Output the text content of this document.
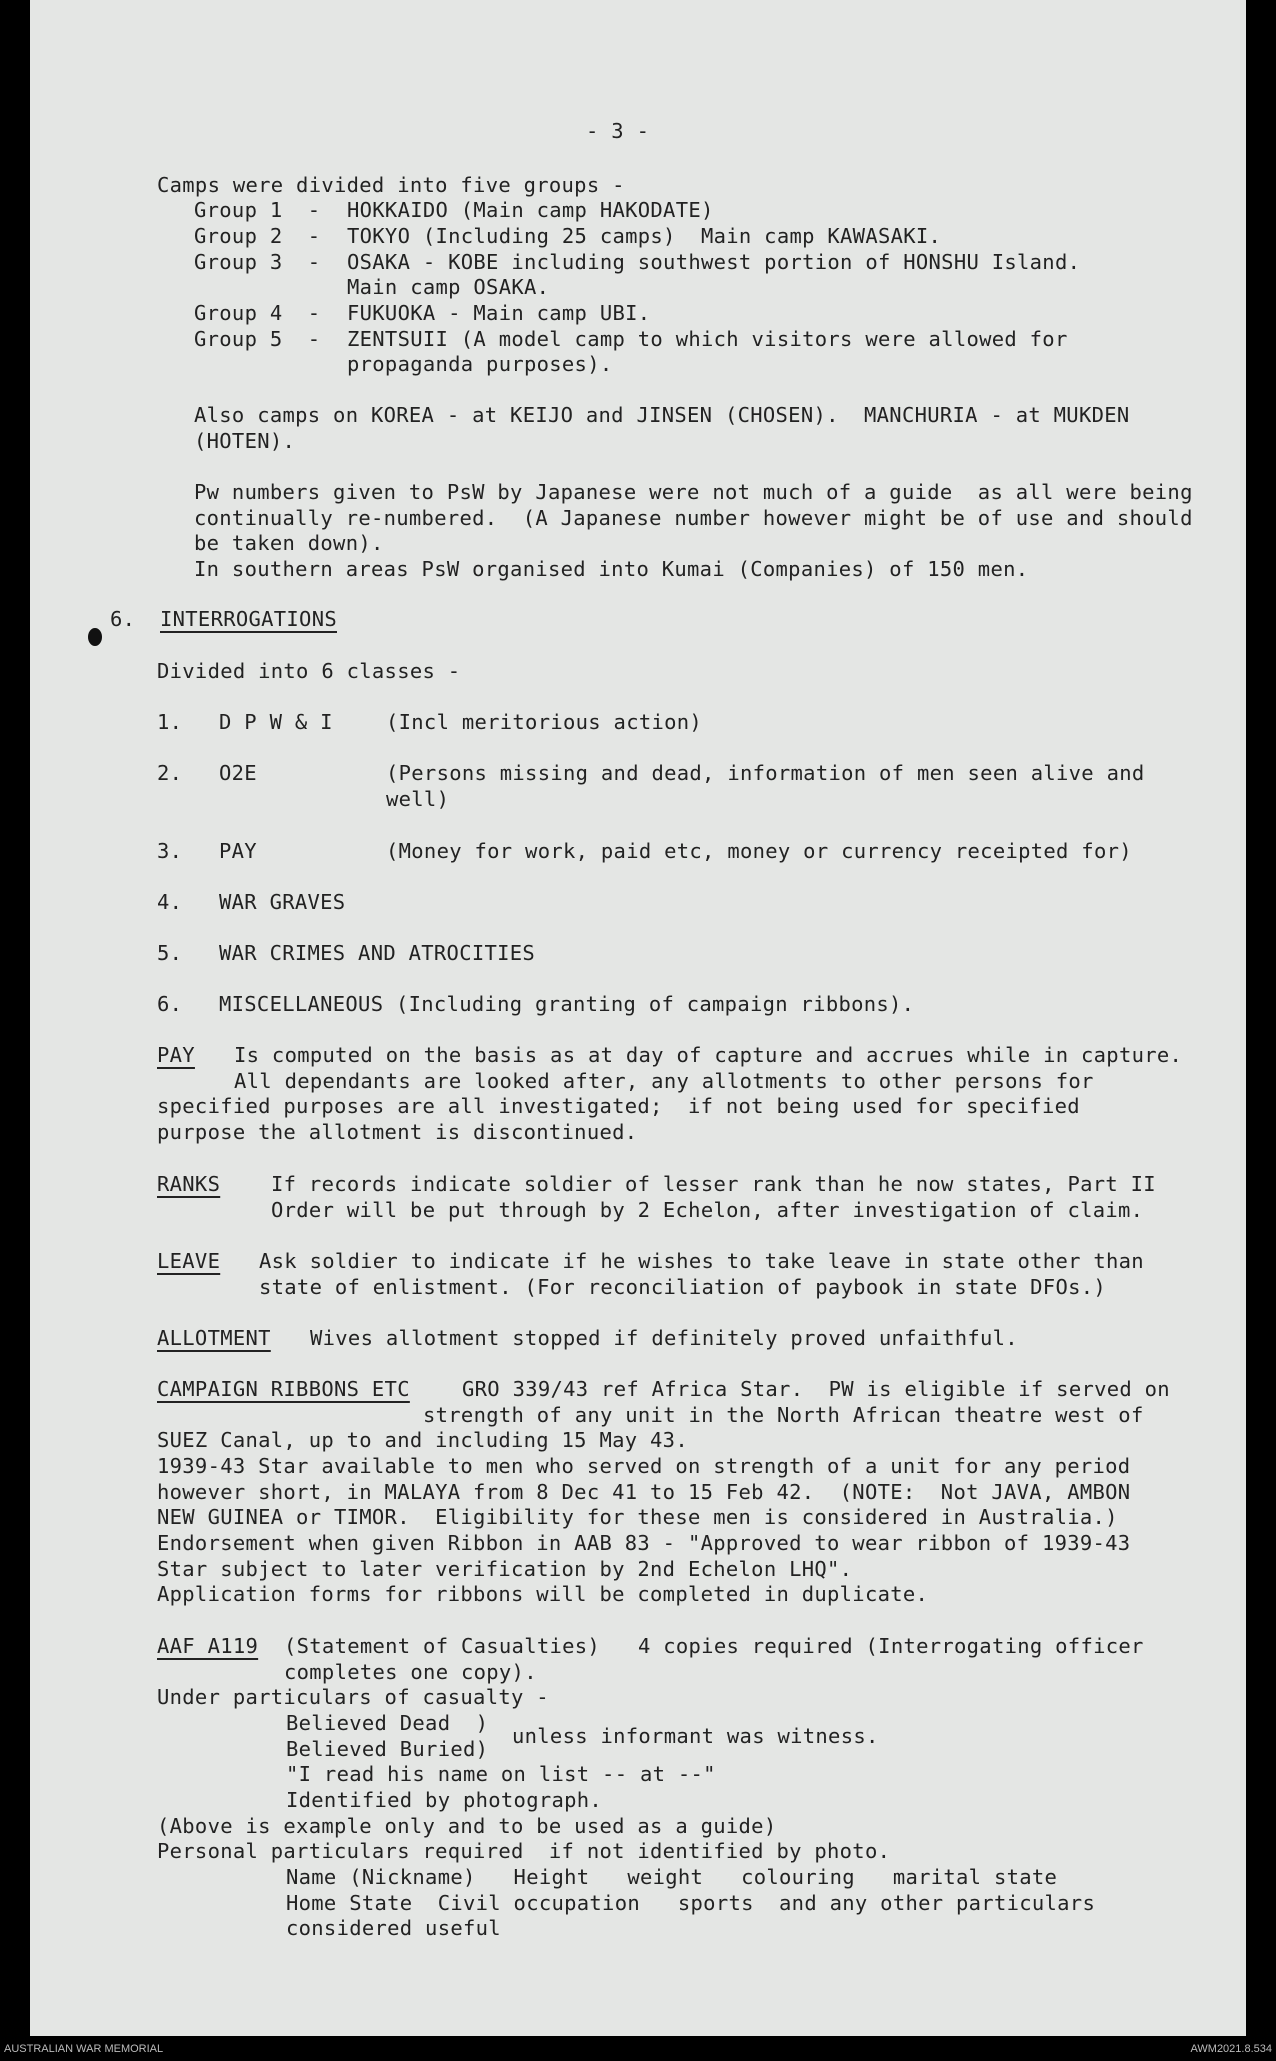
- 3 -
Camps were divided into five groups -
Group 1  - HOKKAIDO (Main camp HAKODATE)
Group 2  - TOKYO (Including 25 camps)  Main camp KAWASAKI.
Group 3  - OSAKA - KOBE including southwest portion of HONSHU Island.
Main camp OSAKA.
Group 4  - FUKUOKA - Main camp UBI.
Group 5  - ZENTSUII (A model camp to which visitors were allowed for
propaganda purposes).
Also camps on KOREA - at KEIJO and JINSEN (CHOSEN).  MANCHURIA - at MUKDEN
(HOTEN).
Pw numbers given to PsW by Japanese were not much of a guide  as all were being
continually re-numbered.  (A Japanese number however might be of use and should
be taken down).
In southern areas PsW organised into Kumai (Companies) of 150 men.
6. INTERROGATIONS
Divided into 6 classes -
1. D P W & I	(Incl meritorious action)
2. O2E	(Persons missing and dead, information of men seen alive and
well)
3. PAY	(Money for work, paid etc, money or currency receipted for)
4. WAR GRAVES
5. WAR CRIMES AND ATROCITIES
6. MISCELLANEOUS (Including granting of campaign ribbons).
PAY Is computed on the basis as at day of capture and accrues while in capture.
All dependants are looked after, any allotments to other persons for
specified purposes are all investigated;  if not being used for specified
purpose the allotment is discontinued.
RANKS If records indicate soldier of lesser rank than he now states, Part II
Order will be put through by 2 Echelon, after investigation of claim.
LEAVE Ask soldier to indicate if he wishes to take leave in state other than
state of enlistment. (For reconciliation of paybook in state DFOs.)
ALLOTMENT Wives allotment stopped if definitely proved unfaithful.
CAMPAIGN RIBBONS ETC	GRO 339/43 ref Africa Star.  PW is eligible if served on
strength of any unit in the North African theatre west of
SUEZ Canal, up to and including 15 May 43.
1939-43 Star available to men who served on strength of a unit for any period
however short, in MALAYA from 8 Dec 41 to 15 Feb 42.  (NOTE:  Not JAVA, AMBON
NEW GUINEA or TIMOR.  Eligibility for these men is considered in Australia.)
Endorsement when given Ribbon in AAB 83 - "Approved to wear ribbon of 1939-43
Star subject to later verification by 2nd Echelon LHQ".
Application forms for ribbons will be completed in duplicate.
AAF A119 (Statement of Casualties)   4 copies required (Interrogating officer
completes one copy).
Under particulars of casualty -
Believed Dead  )
Believed Buried)
unless informant was witness.
"I read his name on list -- at --"
Identified by photograph.
(Above is example only and to be used as a guide)
Personal particulars required  if not identified by photo.
Name (Nickname)   Height   weight   colouring   marital state
Home State  Civil occupation   sports  and any other particulars
considered useful
AUSTRALIAN WAR MEMORIAL	AWM2021.8.534
